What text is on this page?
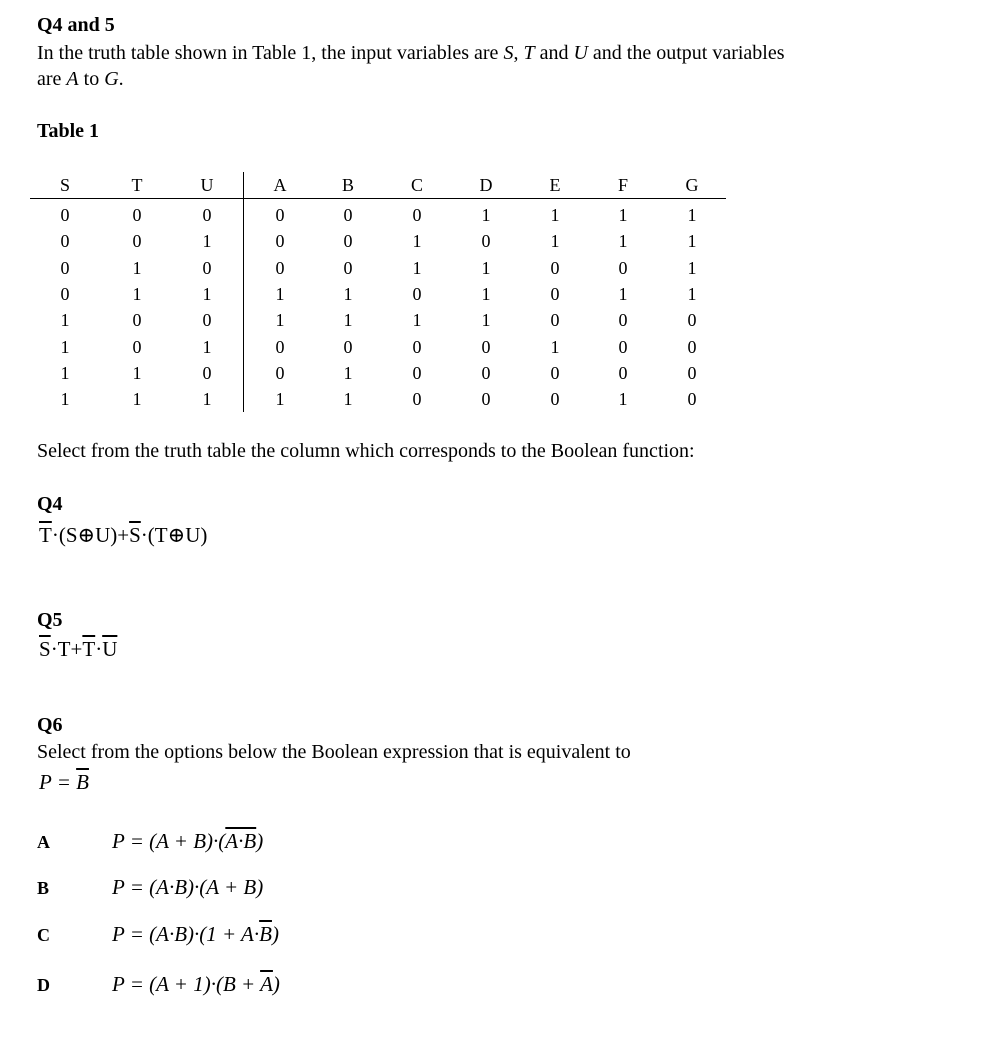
Q4 and 5
In the truth table shown in Table 1, the input variables are S, T and U and the output variables
are A to G.
Table 1
S	T	U	A	B	C	D	E	F	G
0	0	0	0	0	0	1	1	1	1
0	0	1	0	0	1	0	1	1	1
0	1	0	0	0	1	1	0	0	1
0	1	1	1	1	0	1	0	1	1
1	0	0	1	1	1	1	0	0	0
1	0	1	0	0	0	0	1	0	0
1	1	0	0	1	0	0	0	0	0
1	1	1	1	1	0	0	0	1	0
Select from the truth table the column which corresponds to the Boolean function:
Q4
$\overline{T}\cdot(S\oplus U)+\overline{S}\cdot(T\oplus U)$
Q5
$\overline{S}\cdot T+\overline{T}\cdot\overline{U}$
Q6
Select from the options below the Boolean expression that is equivalent to
$P = \overline{B}$
A	P = (A + B)·(A·B)
B	P = (A·B)·(A + B)
C	$P = (A\cdot B)\cdot(1 + A\cdot\overline{B})$
D	$P = (A + 1)\cdot(B + \overline{A})$
